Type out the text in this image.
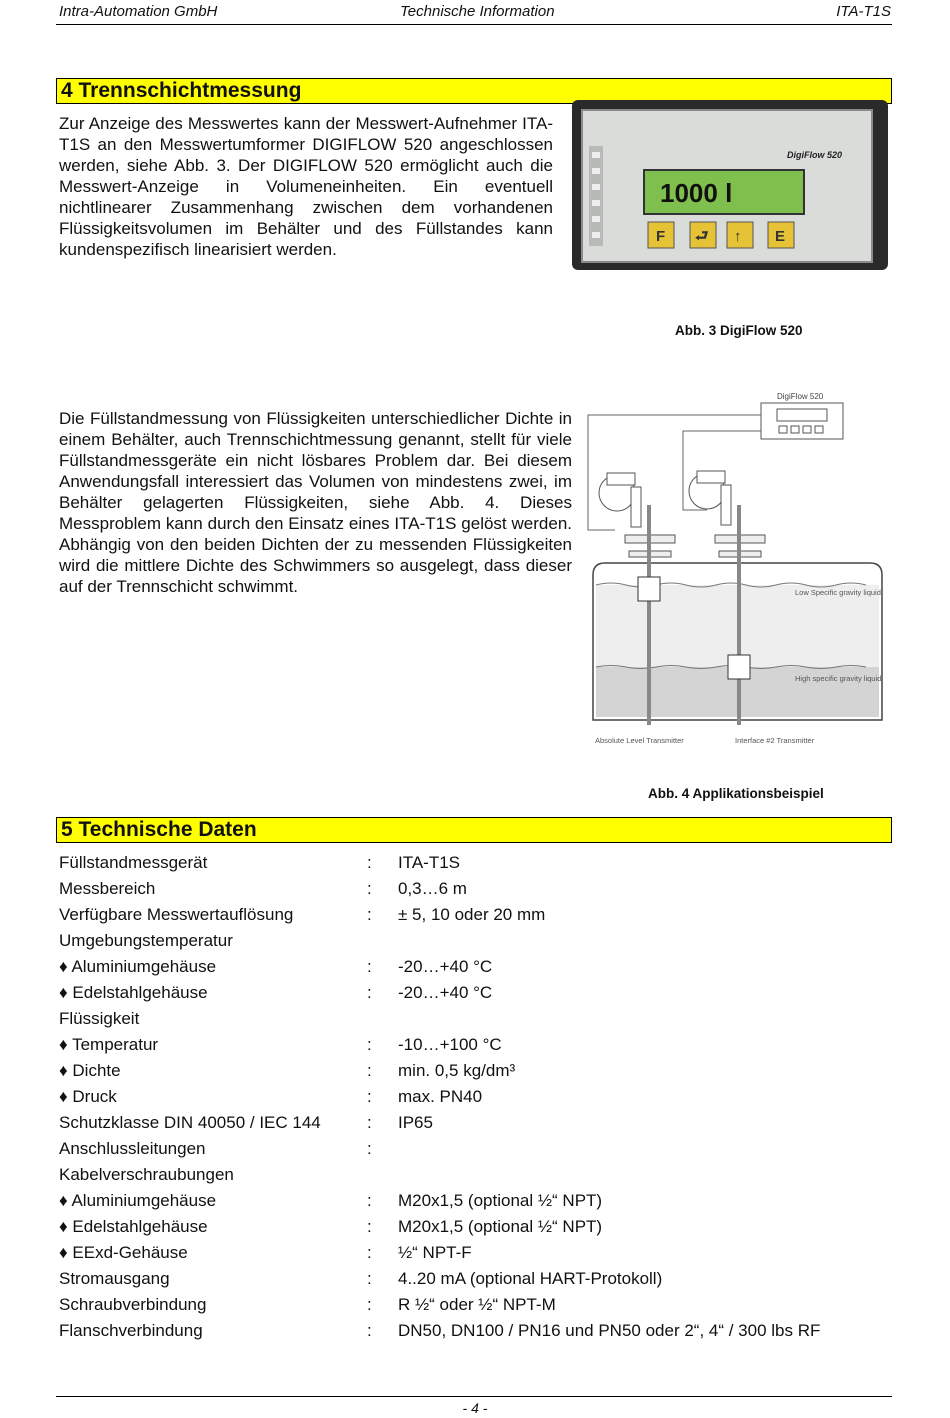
Intra-Automation GmbH	Technische Information	ITA-T1S
4 Trennschichtmessung

Zur Anzeige des Messwertes kann der Messwert-Aufnehmer ITA-T1S an den Messwertumformer DIGIFLOW 520 angeschlossen werden, siehe Abb. 3. Der DIGIFLOW 520 ermöglicht auch die Messwert-Anzeige in Volumeneinheiten. Ein eventuell nichtlinearer Zusammenhang zwischen dem vorhandenen Flüssigkeitsvolumen im Behälter und des Füllstandes kann kundenspezifisch linearisiert werden.

DigiFlow 520
1000 l
F ⮐ ↑ E
Abb. 3 DigiFlow 520

Die Füllstandmessung von Flüssigkeiten unterschiedlicher Dichte in einem Behälter, auch Trennschichtmessung genannt, stellt für viele Füllstandmessgeräte ein nicht lösbares Problem dar. Bei diesem Anwendungsfall interessiert das Volumen von mindestens zwei, im Behälter gelagerten Flüssigkeiten, siehe Abb. 4. Dieses Messproblem kann durch den Einsatz eines ITA-T1S gelöst werden. Abhängig von den beiden Dichten der zu messenden Flüssigkeiten wird die mittlere Dichte des Schwimmers so ausgelegt, dass dieser auf der Trennschicht schwimmt.

DigiFlow 520
Low Specific gravity liquid
High specific gravity liquid
Absolute Level Transmitter	Interface #2 Transmitter
Abb. 4 Applikationsbeispiel
5 Technische Daten
Füllstandmessgerät	:	ITA-T1S
Messbereich	:	0,3…6 m
Verfügbare Messwertauflösung	:	± 5, 10 oder 20 mm
Umgebungstemperatur		
♦ Aluminiumgehäuse	:	-20…+40 °C
♦ Edelstahlgehäuse	:	-20…+40 °C
Flüssigkeit		
♦ Temperatur	:	-10…+100 °C
♦ Dichte	:	min. 0,5 kg/dm³
♦ Druck	:	max. PN40
Schutzklasse DIN 40050 / IEC 144	:	IP65
Anschlussleitungen	:	
Kabelverschraubungen		
♦ Aluminiumgehäuse	:	M20x1,5 (optional ½“ NPT)
♦ Edelstahlgehäuse	:	M20x1,5 (optional ½“ NPT)
♦ EExd-Gehäuse	:	½“ NPT-F
Stromausgang	:	4..20 mA (optional HART-Protokoll)
Schraubverbindung	:	R ½“ oder ½“ NPT-M
Flanschverbindung	:	DN50, DN100 / PN16 und PN50 oder 2“, 4“ / 300 lbs RF
- 4 -
